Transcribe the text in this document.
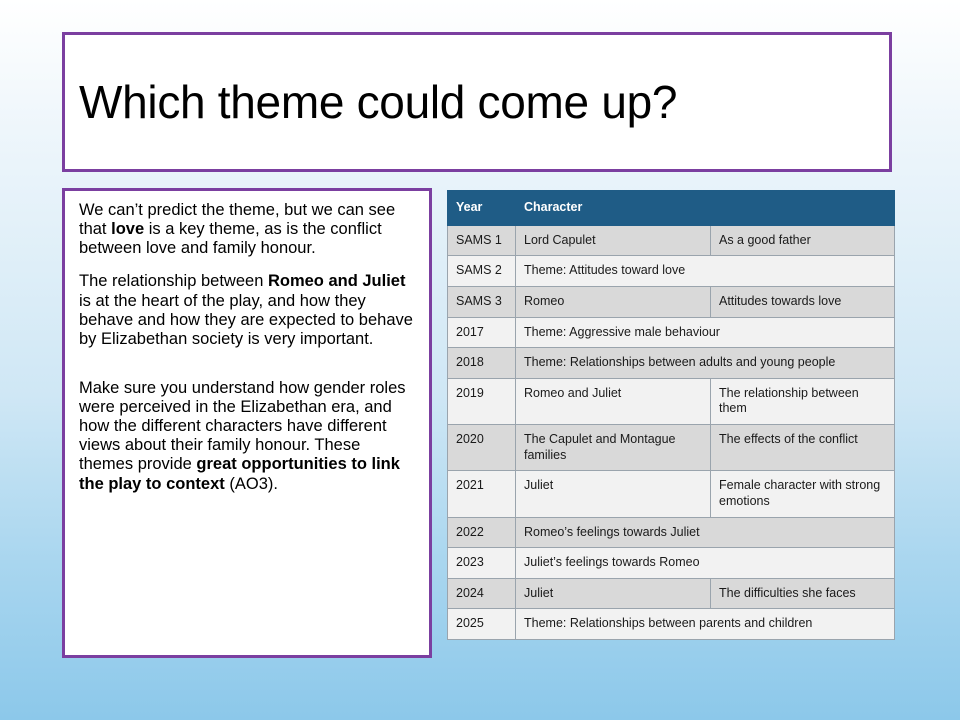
Which theme could come up?

We can’t predict the theme, but we can see that love is a key theme, as is the conflict between love and family honour.

The relationship between Romeo and Juliet is at the heart of the play, and how they behave and how they are expected to behave by Elizabethan society is very important.

Make sure you understand how gender roles were perceived in the Elizabethan era, and how the different characters have different views about their family honour. These themes provide great opportunities to link the play to context (AO3).

Year	Character	
SAMS 1	Lord Capulet	As a good father
SAMS 2	Theme: Attitudes toward love	
SAMS 3	Romeo	Attitudes towards love
2017	Theme: Aggressive male behaviour	
2018	Theme: Relationships between adults and young people	
2019	Romeo and Juliet	The relationship between them
2020	The Capulet and Montague families	The effects of the conflict
2021	Juliet	Female character with strong emotions
2022	Romeo’s feelings towards Juliet	
2023	Juliet’s feelings towards Romeo	
2024	Juliet	The difficulties she faces
2025	Theme: Relationships between parents and children	
